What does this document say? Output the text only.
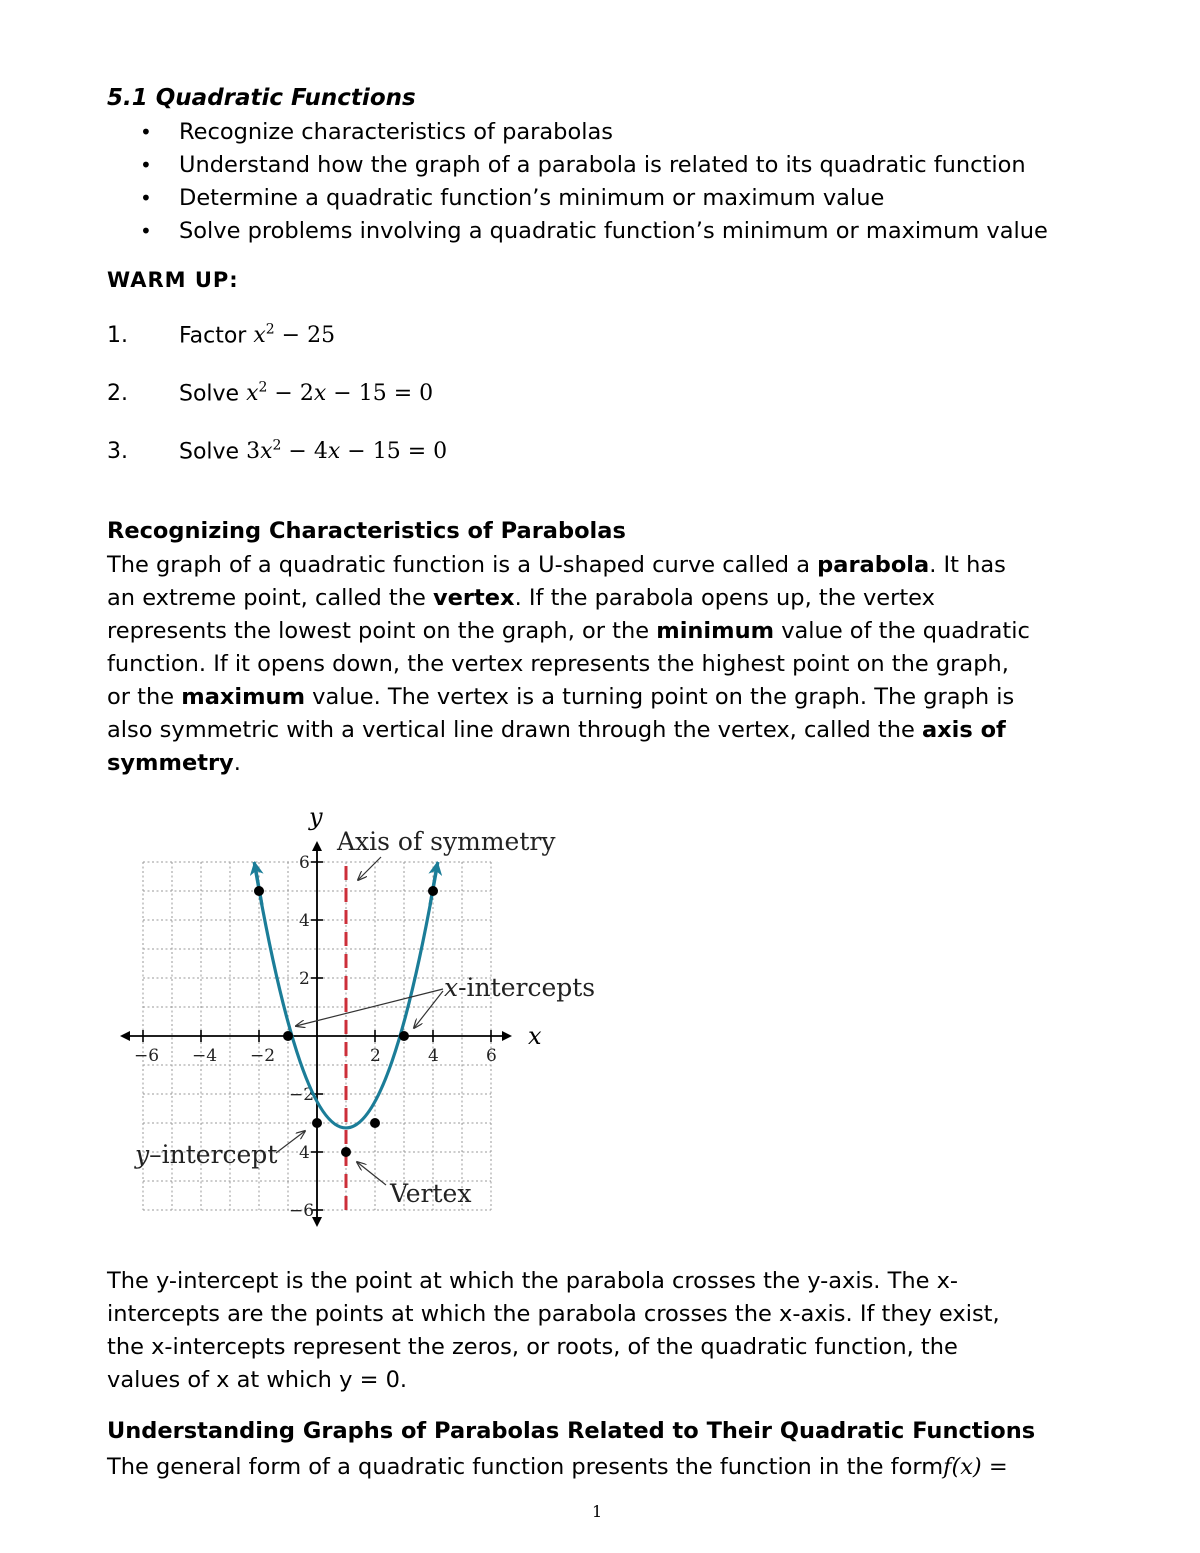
5.1 Quadratic Functions
• Recognize characteristics of parabolas
• Understand how the graph of a parabola is related to its quadratic function
• Determine a quadratic function’s minimum or maximum value
• Solve problems involving a quadratic function’s minimum or maximum value
WARM UP:
1. Factor $x^2 - 25$
2. Solve $x^2 - 2x - 15 = 0$
3. Solve $3x^2 - 4x - 15 = 0$
Recognizing Characteristics of Parabolas

The graph of a quadratic function is a U-shaped curve called a parabola. It has

an extreme point, called the vertex. If the parabola opens up, the vertex

represents the lowest point on the graph, or the minimum value of the quadratic

function. If it opens down, the vertex represents the highest point on the graph,

or the maximum value. The vertex is a turning point on the graph. The graph is

also symmetric with a vertical line drawn through the vertex, called the axis of

symmetry.

−6 −4 −2	2	4	6
6
4
2
−2
4
−6
y
x
Axis of symmetry
x-intercepts
y–intercept
Vertex

The y-intercept is the point at which the parabola crosses the y-axis. The x-

intercepts are the points at which the parabola crosses the x-axis. If they exist,

the x-intercepts represent the zeros, or roots, of the quadratic function, the

values of x at which y = 0.

Understanding Graphs of Parabolas Related to Their Quadratic Functions

The general form of a quadratic function presents the function in the formf(x) =

1
